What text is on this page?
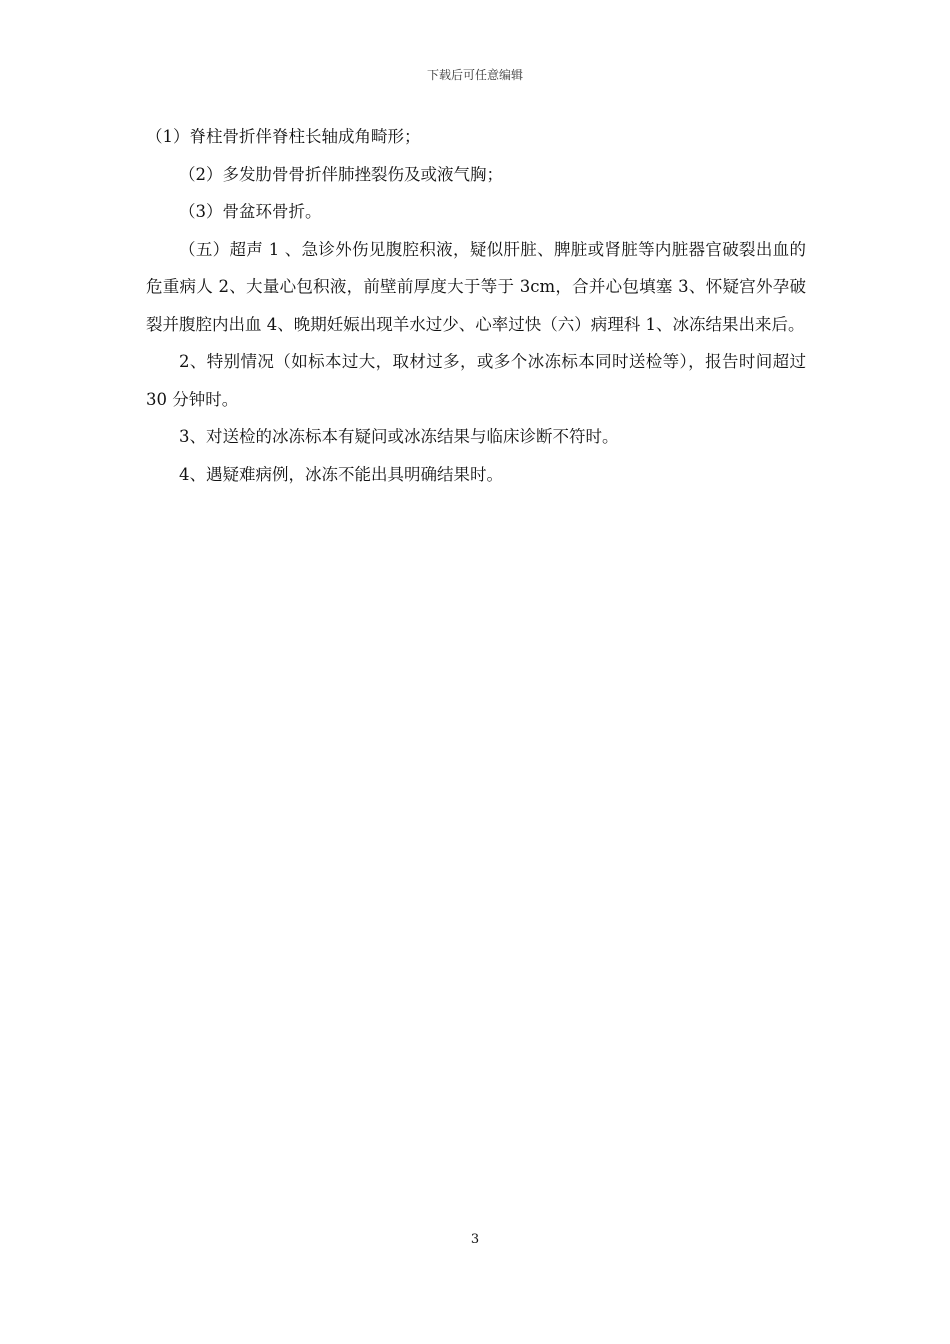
下载后可任意编辑

（1）脊柱骨折伴脊柱长轴成角畸形；

（2）多发肋骨骨折伴肺挫裂伤及或液气胸；

（3）骨盆环骨折。

（五）超声 1 、急诊外伤见腹腔积液，疑似肝脏、脾脏或肾脏等内脏器官破裂出血的危重病人 2、大量心包积液，前壁前厚度大于等于 3cm，合并心包填塞 3、怀疑宫外孕破裂并腹腔内出血 4、晚期妊娠出现羊水过少、心率过快（六）病理科 1、冰冻结果出来后。

2、特别情况（如标本过大，取材过多，或多个冰冻标本同时送检等），报告时间超过 30 分钟时。

3、对送检的冰冻标本有疑问或冰冻结果与临床诊断不符时。

4、遇疑难病例，冰冻不能出具明确结果时。

3
